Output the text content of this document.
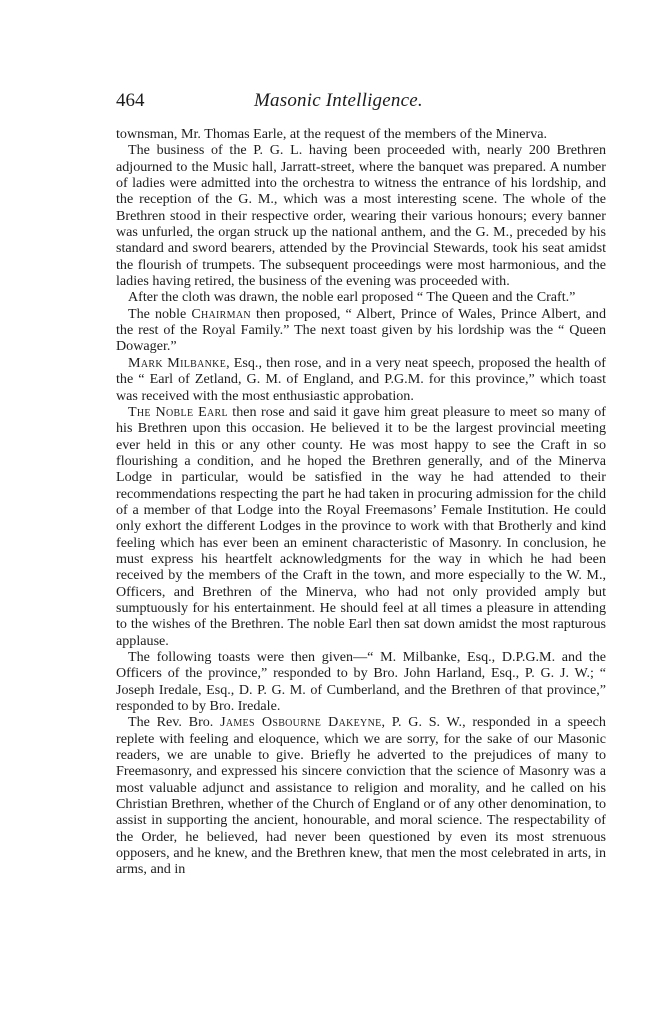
464	Masonic Intelligence.

townsman, Mr. Thomas Earle, at the request of the members of the Minerva.

The business of the P. G. L. having been proceeded with, nearly 200 Brethren adjourned to the Music hall, Jarratt-street, where the banquet was prepared. A number of ladies were admitted into the orchestra to witness the entrance of his lordship, and the reception of the G. M., which was a most interesting scene. The whole of the Brethren stood in their respective order, wearing their various honours; every banner was unfurled, the organ struck up the national anthem, and the G. M., preceded by his standard and sword bearers, attended by the Provincial Stewards, took his seat amidst the flourish of trumpets. The subsequent proceedings were most harmonious, and the ladies having retired, the business of the evening was proceeded with.

After the cloth was drawn, the noble earl proposed “ The Queen and the Craft.”

The noble Chairman then proposed, “ Albert, Prince of Wales, Prince Albert, and the rest of the Royal Family.” The next toast given by his lordship was the “ Queen Dowager.”

Mark Milbanke, Esq., then rose, and in a very neat speech, proposed the health of the “ Earl of Zetland, G. M. of England, and P.G.M. for this province,” which toast was received with the most enthusiastic approbation.

The Noble Earl then rose and said it gave him great pleasure to meet so many of his Brethren upon this occasion. He believed it to be the largest provincial meeting ever held in this or any other county. He was most happy to see the Craft in so flourishing a condition, and he hoped the Brethren generally, and of the Minerva Lodge in particular, would be satisfied in the way he had attended to their recommendations respecting the part he had taken in procuring admission for the child of a member of that Lodge into the Royal Freemasons’ Female Institution. He could only exhort the different Lodges in the province to work with that Brotherly and kind feeling which has ever been an eminent characteristic of Masonry. In conclusion, he must express his heartfelt acknowledgments for the way in which he had been received by the members of the Craft in the town, and more especially to the W. M., Officers, and Brethren of the Minerva, who had not only provided amply but sumptuously for his entertainment. He should feel at all times a pleasure in attending to the wishes of the Brethren. The noble Earl then sat down amidst the most rapturous applause.

The following toasts were then given—“ M. Milbanke, Esq., D.P.G.M. and the Officers of the province,” responded to by Bro. John Harland, Esq., P. G. J. W.; “ Joseph Iredale, Esq., D. P. G. M. of Cumberland, and the Brethren of that province,” responded to by Bro. Iredale.

The Rev. Bro. James Osbourne Dakeyne, P. G. S. W., responded in a speech replete with feeling and eloquence, which we are sorry, for the sake of our Masonic readers, we are unable to give. Briefly he adverted to the prejudices of many to Freemasonry, and expressed his sincere conviction that the science of Masonry was a most valuable adjunct and assistance to religion and morality, and he called on his Christian Brethren, whether of the Church of England or of any other denomination, to assist in supporting the ancient, honourable, and moral science. The respectability of the Order, he believed, had never been questioned by even its most strenuous opposers, and he knew, and the Brethren knew, that men the most celebrated in arts, in arms, and in
